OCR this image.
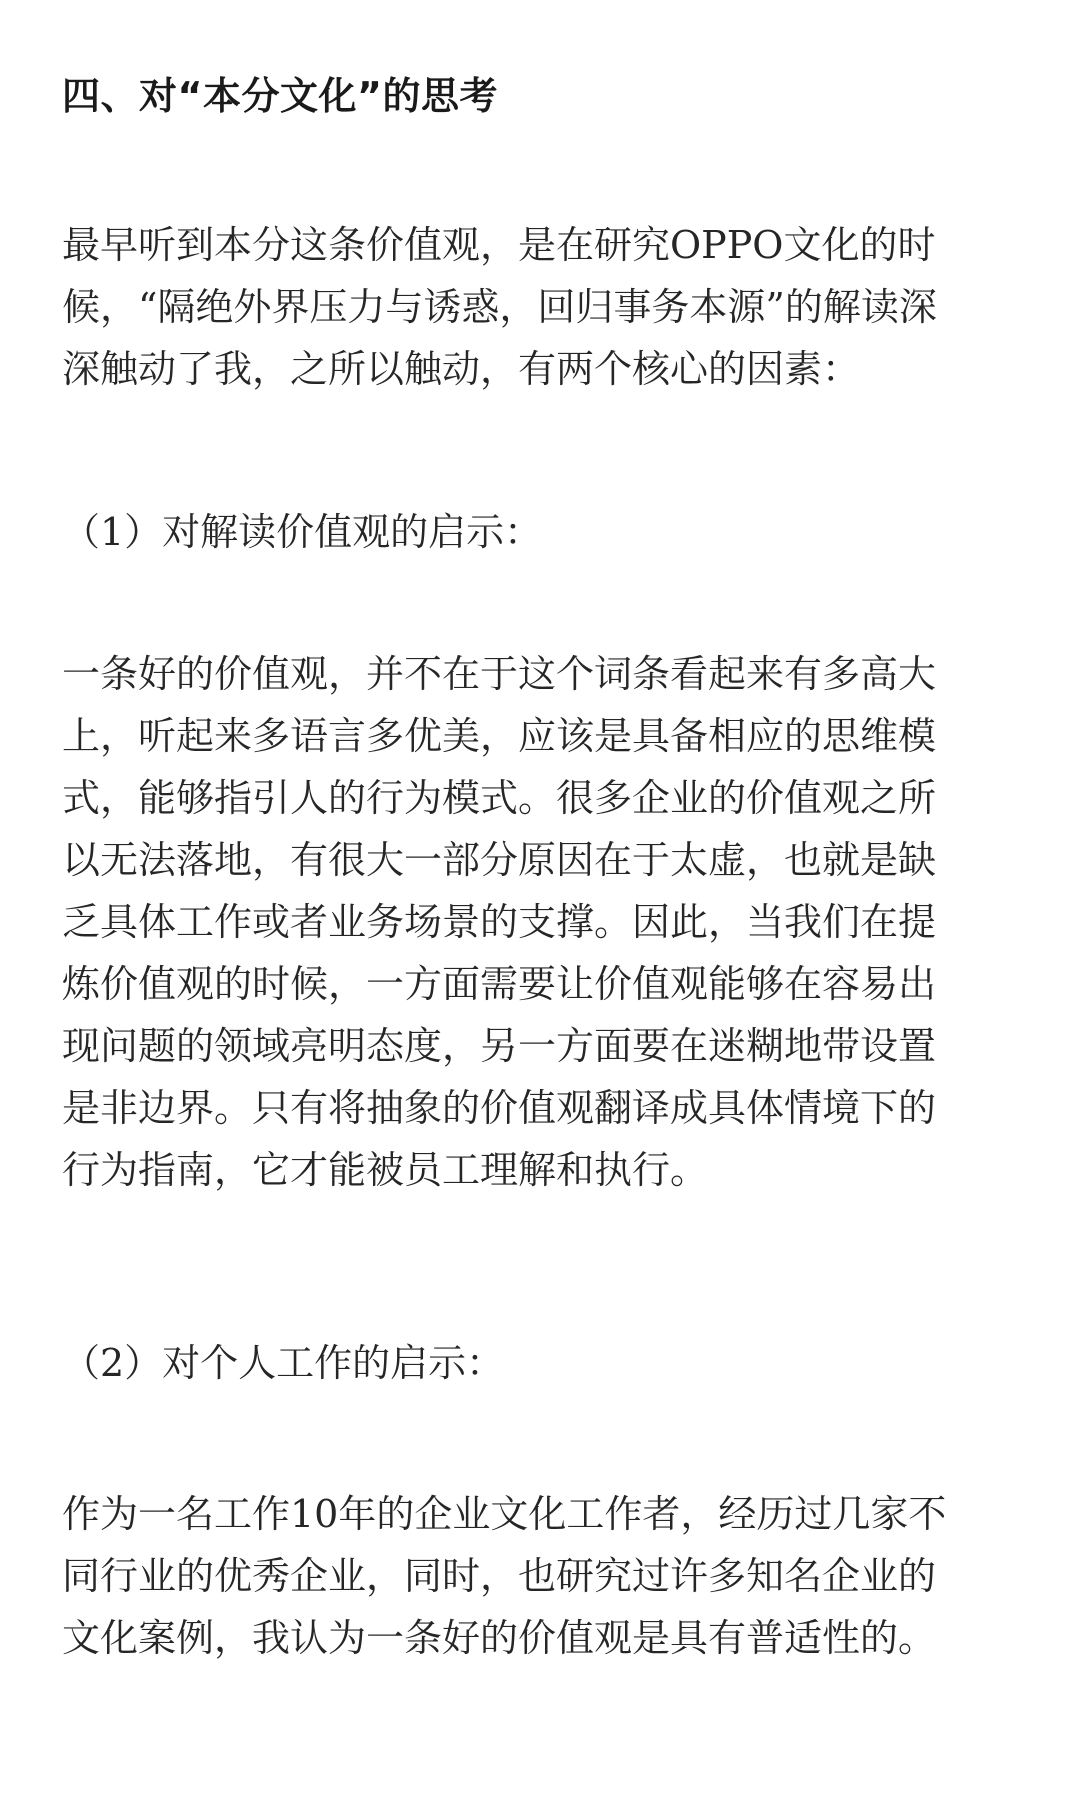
四、对“本分文化”的思考

最早听到本分这条价值观，是在研究OPPO文化的时
候，“隔绝外界压力与诱惑，回归事务本源”的解读深
深触动了我，之所以触动，有两个核心的因素：

（1）对解读价值观的启示：

一条好的价值观，并不在于这个词条看起来有多高大
上，听起来多语言多优美，应该是具备相应的思维模
式，能够指引人的行为模式。很多企业的价值观之所
以无法落地，有很大一部分原因在于太虚，也就是缺
乏具体工作或者业务场景的支撑。因此，当我们在提
炼价值观的时候，一方面需要让价值观能够在容易出
现问题的领域亮明态度，另一方面要在迷糊地带设置
是非边界。只有将抽象的价值观翻译成具体情境下的
行为指南，它才能被员工理解和执行。

（2）对个人工作的启示：

作为一名工作10年的企业文化工作者，经历过几家不
同行业的优秀企业，同时，也研究过许多知名企业的
文化案例，我认为一条好的价值观是具有普适性的。
